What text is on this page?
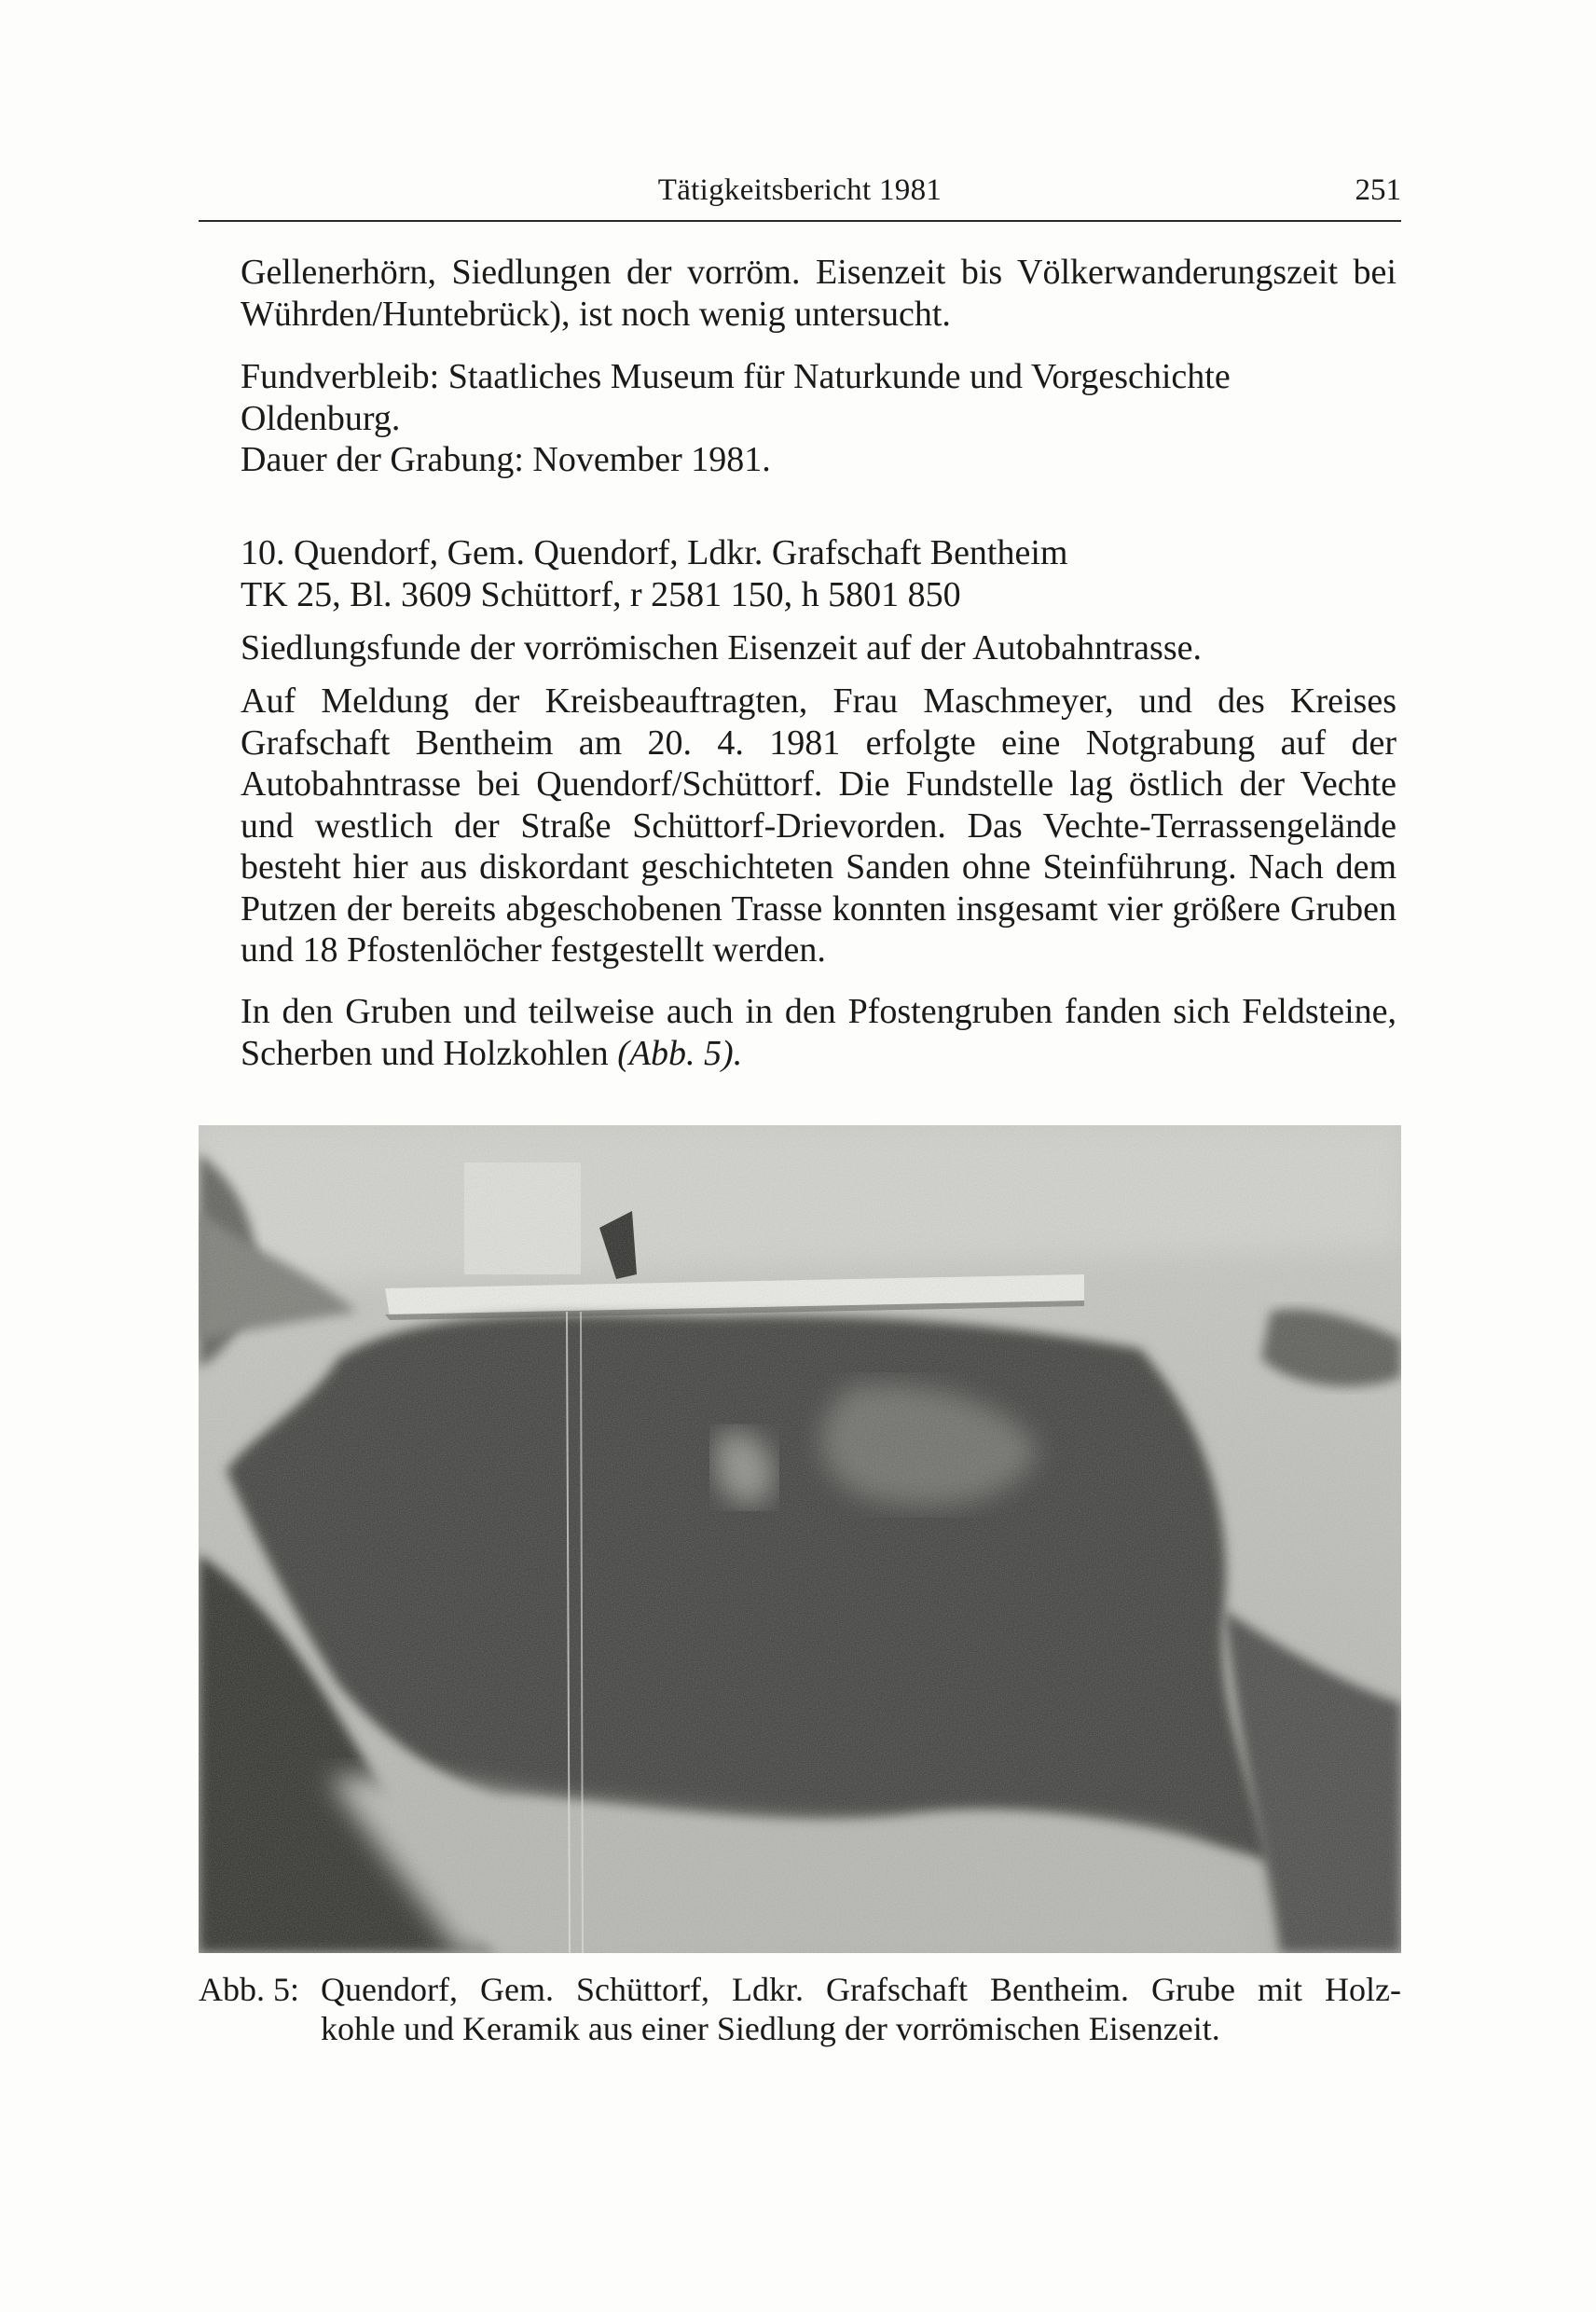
Tätigkeitsbericht 1981	251

Gellenerhörn, Siedlungen der vorröm. Eisenzeit bis Völkerwanderungszeit bei Wührden/Huntebrück), ist noch wenig untersucht.

Fundverbleib: Staatliches Museum für Naturkunde und Vorgeschichte Oldenburg.

Dauer der Grabung: November 1981.

10. Quendorf, Gem. Quendorf, Ldkr. Grafschaft Bentheim
TK 25, Bl. 3609 Schüttorf, r 2581 150, h 5801 850

Siedlungsfunde der vorrömischen Eisenzeit auf der Autobahntrasse.

Auf Meldung der Kreisbeauftragten, Frau Maschmeyer, und des Kreises Grafschaft Bentheim am 20. 4. 1981 erfolgte eine Notgrabung auf der Autobahntrasse bei Quendorf/Schüttorf. Die Fundstelle lag östlich der Vechte und westlich der Straße Schüttorf-Drievorden. Das Vechte-Terrassengelände besteht hier aus diskordant geschichteten Sanden ohne Steinführung. Nach dem Putzen der bereits abgeschobenen Trasse konnten insgesamt vier größere Gruben und 18 Pfostenlöcher festgestellt werden.

In den Gruben und teilweise auch in den Pfostengruben fanden sich Feldsteine, Scherben und Holzkohlen (Abb. 5).

Abb. 5: Quendorf, Gem. Schüttorf, Ldkr. Grafschaft Bentheim. Grube mit Holz-
kohle und Keramik aus einer Siedlung der vorrömischen Eisenzeit.
